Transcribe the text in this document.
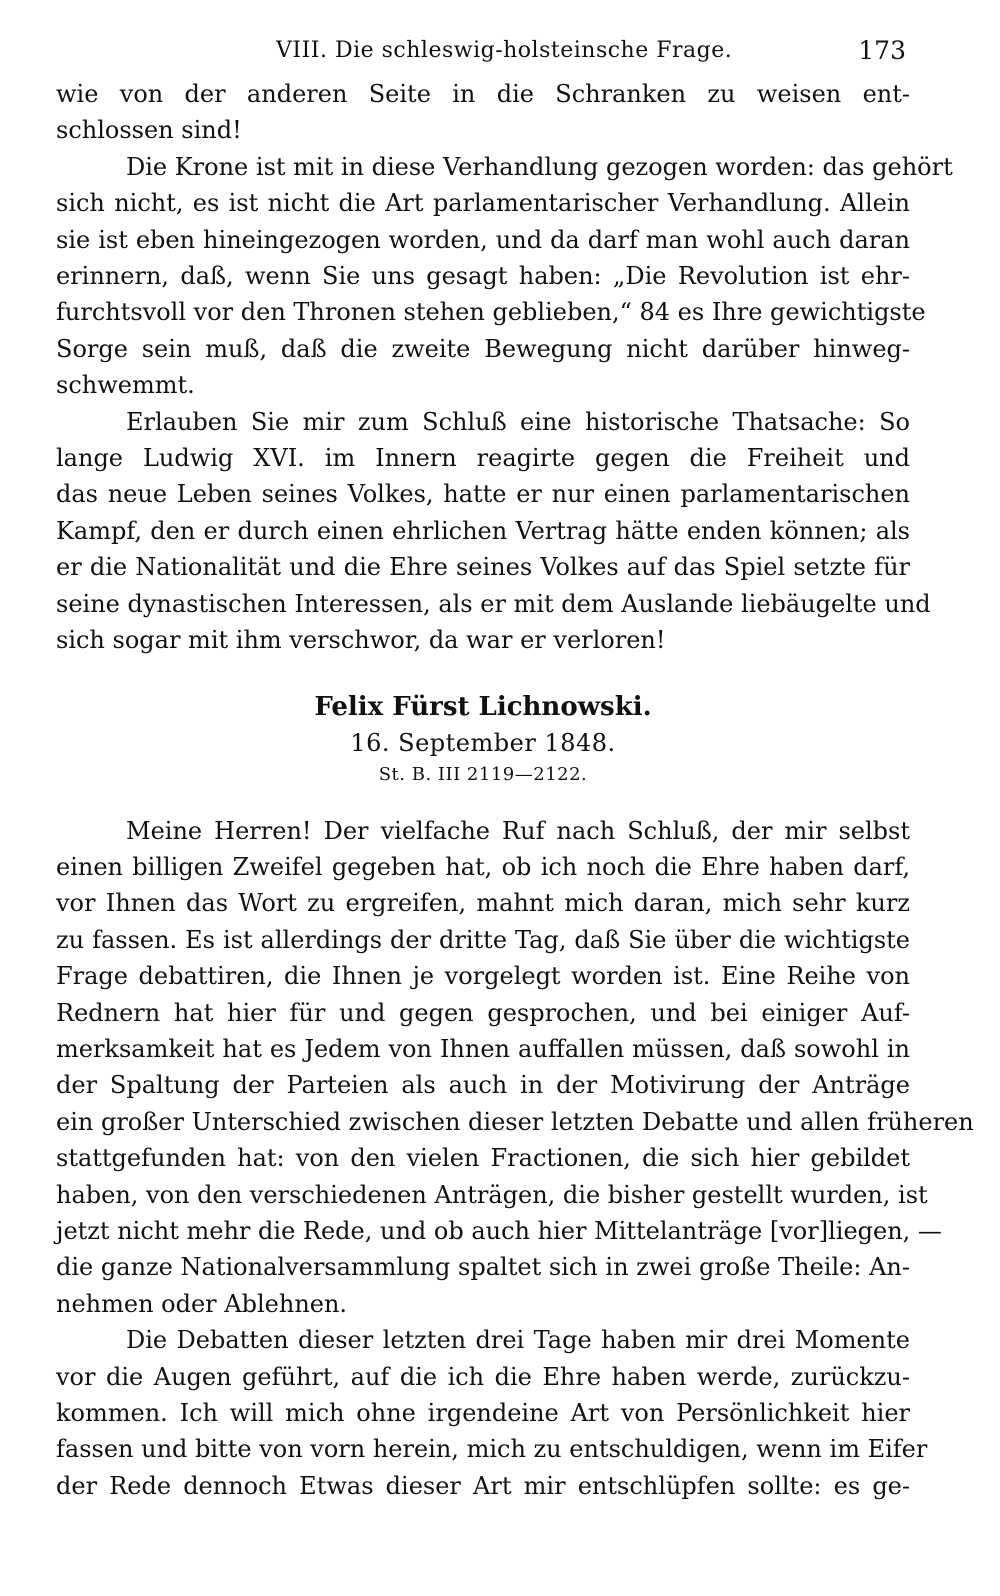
VIII. Die schleswig-holsteinsche Frage.	173

wie von der anderen Seite in die Schranken zu weisen ent-
schlossen sind!

Die Krone ist mit in diese Verhandlung gezogen worden: das gehört
sich nicht, es ist nicht die Art parlamentarischer Verhandlung. Allein
sie ist eben hineingezogen worden, und da darf man wohl auch daran
erinnern, daß, wenn Sie uns gesagt haben: „Die Revolution ist ehr-
furchtsvoll vor den Thronen stehen geblieben,“ 84 es Ihre gewichtigste
Sorge sein muß, daß die zweite Bewegung nicht darüber hinweg-
schwemmt.

Erlauben Sie mir zum Schluß eine historische Thatsache: So
lange Ludwig XVI. im Innern reagirte gegen die Freiheit und
das neue Leben seines Volkes, hatte er nur einen parlamentarischen
Kampf, den er durch einen ehrlichen Vertrag hätte enden können; als
er die Nationalität und die Ehre seines Volkes auf das Spiel setzte für
seine dynastischen Interessen, als er mit dem Auslande liebäugelte und
sich sogar mit ihm verschwor, da war er verloren!

Felix Fürst Lichnowski.
16. September 1848.
St. B. III 2119—2122.

Meine Herren! Der vielfache Ruf nach Schluß, der mir selbst
einen billigen Zweifel gegeben hat, ob ich noch die Ehre haben darf,
vor Ihnen das Wort zu ergreifen, mahnt mich daran, mich sehr kurz
zu fassen. Es ist allerdings der dritte Tag, daß Sie über die wichtigste
Frage debattiren, die Ihnen je vorgelegt worden ist. Eine Reihe von
Rednern hat hier für und gegen gesprochen, und bei einiger Auf-
merksamkeit hat es Jedem von Ihnen auffallen müssen, daß sowohl in
der Spaltung der Parteien als auch in der Motivirung der Anträge
ein großer Unterschied zwischen dieser letzten Debatte und allen früheren
stattgefunden hat: von den vielen Fractionen, die sich hier gebildet
haben, von den verschiedenen Anträgen, die bisher gestellt wurden, ist
jetzt nicht mehr die Rede, und ob auch hier Mittelanträge [vor]liegen, —
die ganze Nationalversammlung spaltet sich in zwei große Theile: An-
nehmen oder Ablehnen.

Die Debatten dieser letzten drei Tage haben mir drei Momente
vor die Augen geführt, auf die ich die Ehre haben werde, zurückzu-
kommen. Ich will mich ohne irgendeine Art von Persönlichkeit hier
fassen und bitte von vorn herein, mich zu entschuldigen, wenn im Eifer
der Rede dennoch Etwas dieser Art mir entschlüpfen sollte: es ge-
